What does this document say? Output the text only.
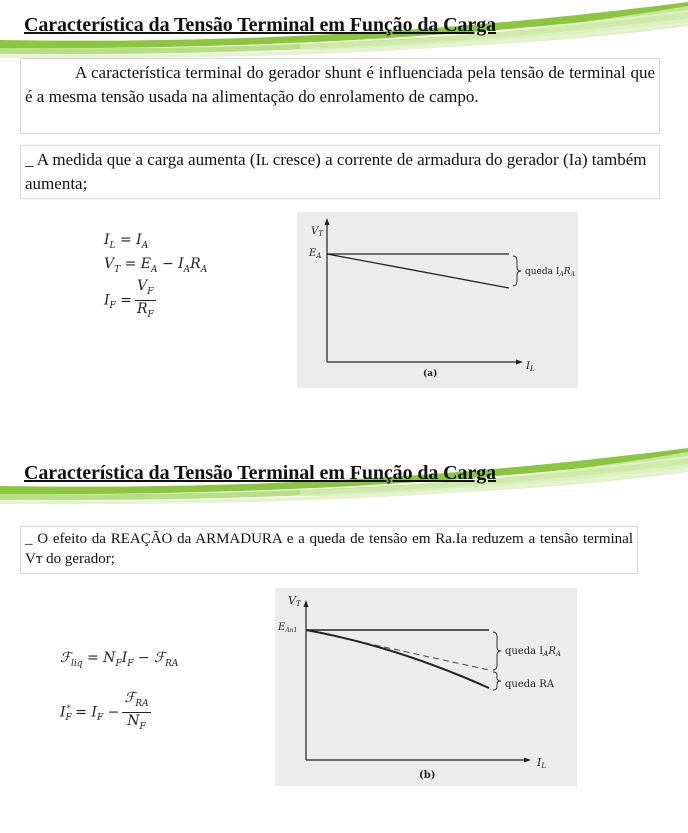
Característica da Tensão Terminal em Função da Carga

A característica terminal do gerador shunt é influenciada pela tensão de terminal que é a mesma tensão usada na alimentação do enrolamento de campo.

_ A medida que a carga aumenta (Iʟ cresce) a corrente de armadura do gerador (Ia) também aumenta;

$I_L = I_A$
$V_T = E_A - I_AR_A$
$I_F = \frac{V_F}{R_F}$
$V_T$
$E_A$
queda $I_AR_A$
$I_L$
(a)
Característica da Tensão Terminal em Função da Carga

_ O efeito da REAÇÃO da ARMADURA e a queda de tensão em Ra.Ia reduzem a tensão terminal Vᴛ do gerador;

ℱ$_{liq}$ = $N_FI_F$ − ℱ$_{RA}$
$I_F^* = I_F - \frac{ℱ_{RA}}{N_F}$
VT
$E_{An1}$
queda $I_AR_A$
queda RA
IL
(b)
